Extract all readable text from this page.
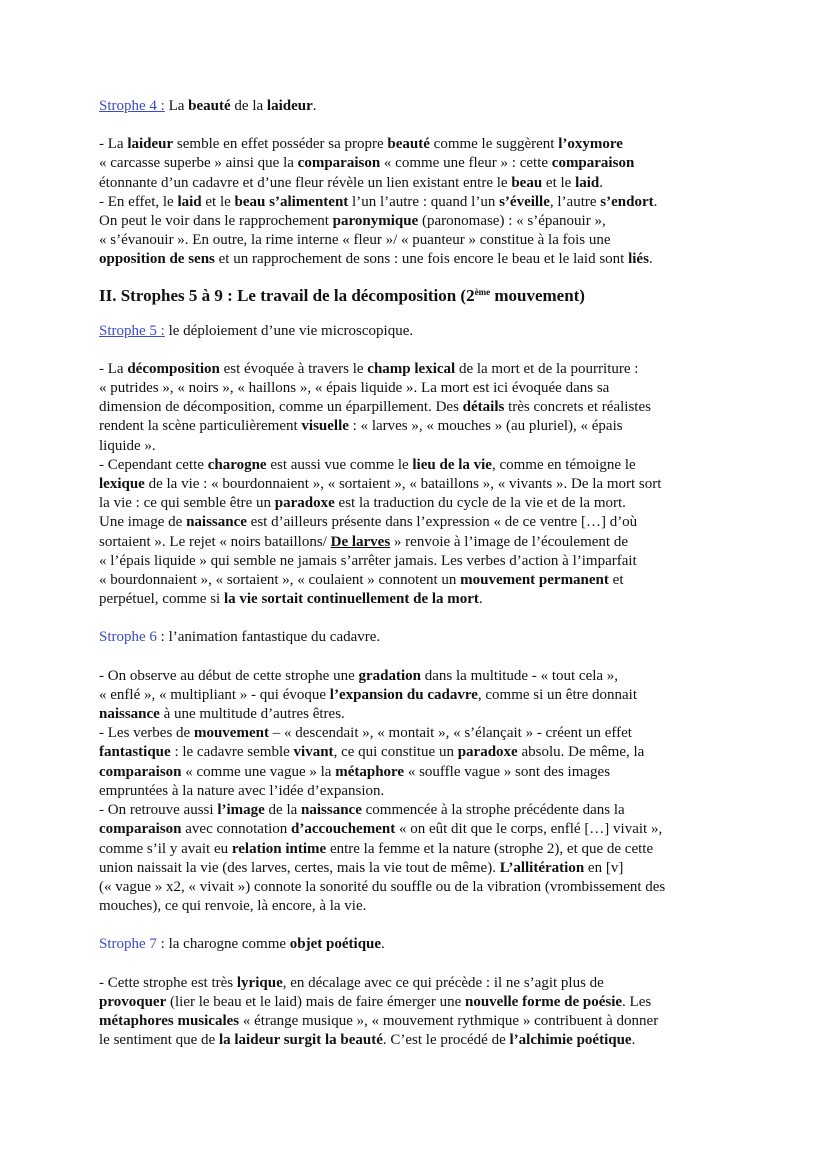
Strophe 4 : La beauté de la laideur.

- La laideur semble en effet posséder sa propre beauté comme le suggèrent l’oxymore
« carcasse superbe » ainsi que la comparaison « comme une fleur » : cette comparaison
étonnante d’un cadavre et d’une fleur révèle un lien existant entre le beau et le laid.

- En effet, le laid et le beau s’alimentent l’un l’autre : quand l’un s’éveille, l’autre s’endort.
On peut le voir dans le rapprochement paronymique (paronomase) : « s’épanouir »,
« s’évanouir ». En outre, la rime interne « fleur »/ « puanteur » constitue à la fois une
opposition de sens et un rapprochement de sons : une fois encore le beau et le laid sont liés.

II. Strophes 5 à 9 : Le travail de la décomposition (2ème mouvement)

Strophe 5 : le déploiement d’une vie microscopique.

- La décomposition est évoquée à travers le champ lexical de la mort et de la pourriture :
« putrides », « noirs », « haillons », « épais liquide ». La mort est ici évoquée dans sa
dimension de décomposition, comme un éparpillement. Des détails très concrets et réalistes
rendent la scène particulièrement visuelle : « larves », « mouches » (au pluriel), « épais
liquide ».

- Cependant cette charogne est aussi vue comme le lieu de la vie, comme en témoigne le
lexique de la vie : « bourdonnaient », « sortaient », « bataillons », « vivants ». De la mort sort
la vie : ce qui semble être un paradoxe est la traduction du cycle de la vie et de la mort.
Une image de naissance est d’ailleurs présente dans l’expression « de ce ventre […] d’où
sortaient ». Le rejet « noirs bataillons/ De larves » renvoie à l’image de l’écoulement de
« l’épais liquide » qui semble ne jamais s’arrêter jamais. Les verbes d’action à l’imparfait
« bourdonnaient », « sortaient », « coulaient » connotent un mouvement permanent et
perpétuel, comme si la vie sortait continuellement de la mort.

Strophe 6 : l’animation fantastique du cadavre.

- On observe au début de cette strophe une gradation dans la multitude - « tout cela »,
« enflé », « multipliant » - qui évoque l’expansion du cadavre, comme si un être donnait
naissance à une multitude d’autres êtres.

- Les verbes de mouvement – « descendait », « montait », « s’élançait » - créent un effet
fantastique : le cadavre semble vivant, ce qui constitue un paradoxe absolu. De même, la
comparaison « comme une vague » la métaphore « souffle vague » sont des images
empruntées à la nature avec l’idée d’expansion.

- On retrouve aussi l’image de la naissance commencée à la strophe précédente dans la
comparaison avec connotation d’accouchement « on eût dit que le corps, enflé […] vivait »,
comme s’il y avait eu relation intime entre la femme et la nature (strophe 2), et que de cette
union naissait la vie (des larves, certes, mais la vie tout de même). L’allitération en [v]
(« vague » x2, « vivait ») connote la sonorité du souffle ou de la vibration (vrombissement des
mouches), ce qui renvoie, là encore, à la vie.

Strophe 7 : la charogne comme objet poétique.

- Cette strophe est très lyrique, en décalage avec ce qui précède : il ne s’agit plus de
provoquer (lier le beau et le laid) mais de faire émerger une nouvelle forme de poésie. Les
métaphores musicales « étrange musique », « mouvement rythmique » contribuent à donner
le sentiment que de la laideur surgit la beauté. C’est le procédé de l’alchimie poétique.
